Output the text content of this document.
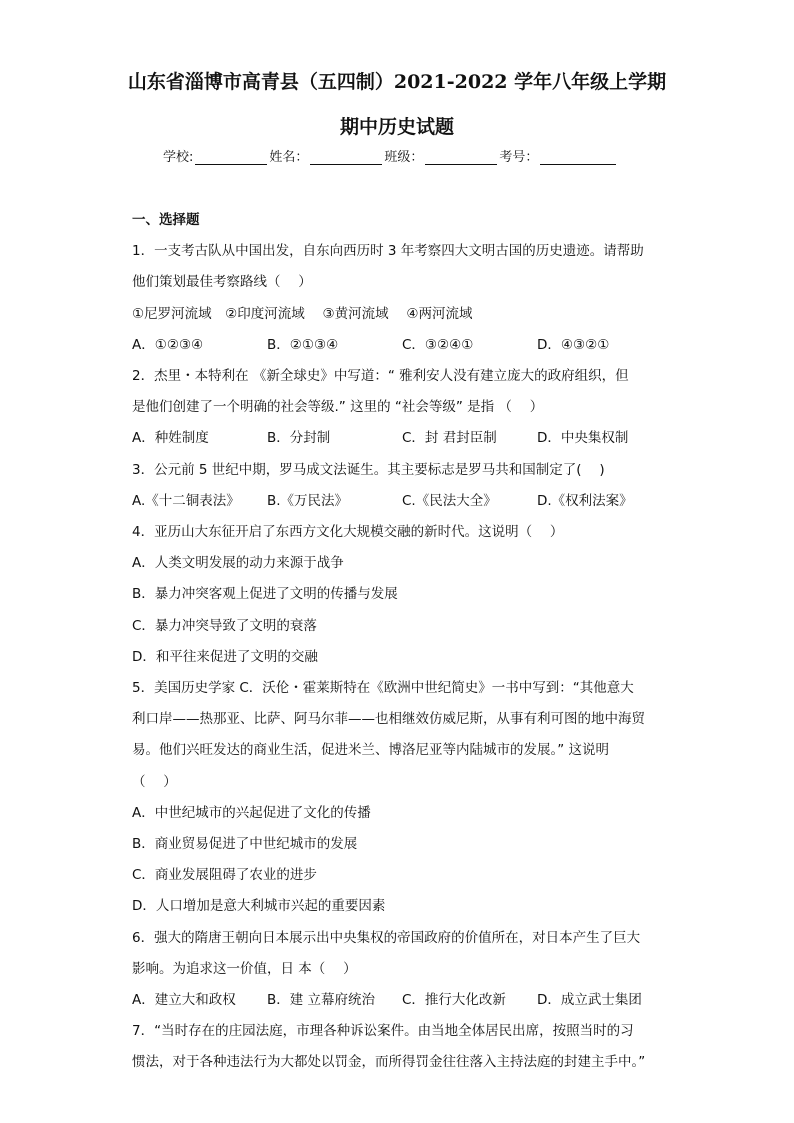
山东省淄博市高青县（五四制）2021-2022 学年八年级上学期
期中历史试题
学校:	姓名：	班级：	考号：

一、选择题

1．一支考古队从中国出发，自东向西历时 3 年考察四大文明古国的历史遗迹。请帮助

他们策划最佳考察路线（　 ）

①尼罗河流域　②印度河流域　 ③黄河流域　 ④两河流域

A．①②③④	B．②①③④	C．③②④①	D．④③②①

2．杰里・本特利在 《新全球史》中写道：“ 雅利安人没有建立庞大的政府组织，但

是他们创建了一个明确的社会等级.” 这里的 “社会等级” 是指 （　 ）

A．种姓制度	B．分封制	C．封 君封臣制	D．中央集权制

3．公元前 5 世纪中期，罗马成文法诞生。其主要标志是罗马共和国制定了(　 )

A.《十二铜表法》	B.《万民法》	C.《民法大全》	D.《权利法案》

4．亚历山大东征开启了东西方文化大规模交融的新时代。这说明（　 ）

A．人类文明发展的动力来源于战争

B．暴力冲突客观上促进了文明的传播与发展

C．暴力冲突导致了文明的衰落

D．和平往来促进了文明的交融

5．美国历史学家 C．沃伦・霍莱斯特在《欧洲中世纪简史》一书中写到：“其他意大

利口岸——热那亚、比萨、阿马尔菲——也相继效仿威尼斯，从事有利可图的地中海贸

易。他们兴旺发达的商业生活，促进米兰、博洛尼亚等内陆城市的发展。” 这说明

（　 ）

A．中世纪城市的兴起促进了文化的传播

B．商业贸易促进了中世纪城市的发展

C．商业发展阻碍了农业的进步

D．人口增加是意大利城市兴起的重要因素

6．强大的隋唐王朝向日本展示出中央集权的帝国政府的价值所在，对日本产生了巨大

影响。为追求这一价值，日 本（　 ）

A．建立大和政权	B．建 立幕府统治	C．推行大化改新	D．成立武士集团

7．“当时存在的庄园法庭，市理各种诉讼案件。由当地全体居民出席，按照当时的习

惯法，对于各种违法行为大都处以罚金，而所得罚金往往落入主持法庭的封建主手中。”
